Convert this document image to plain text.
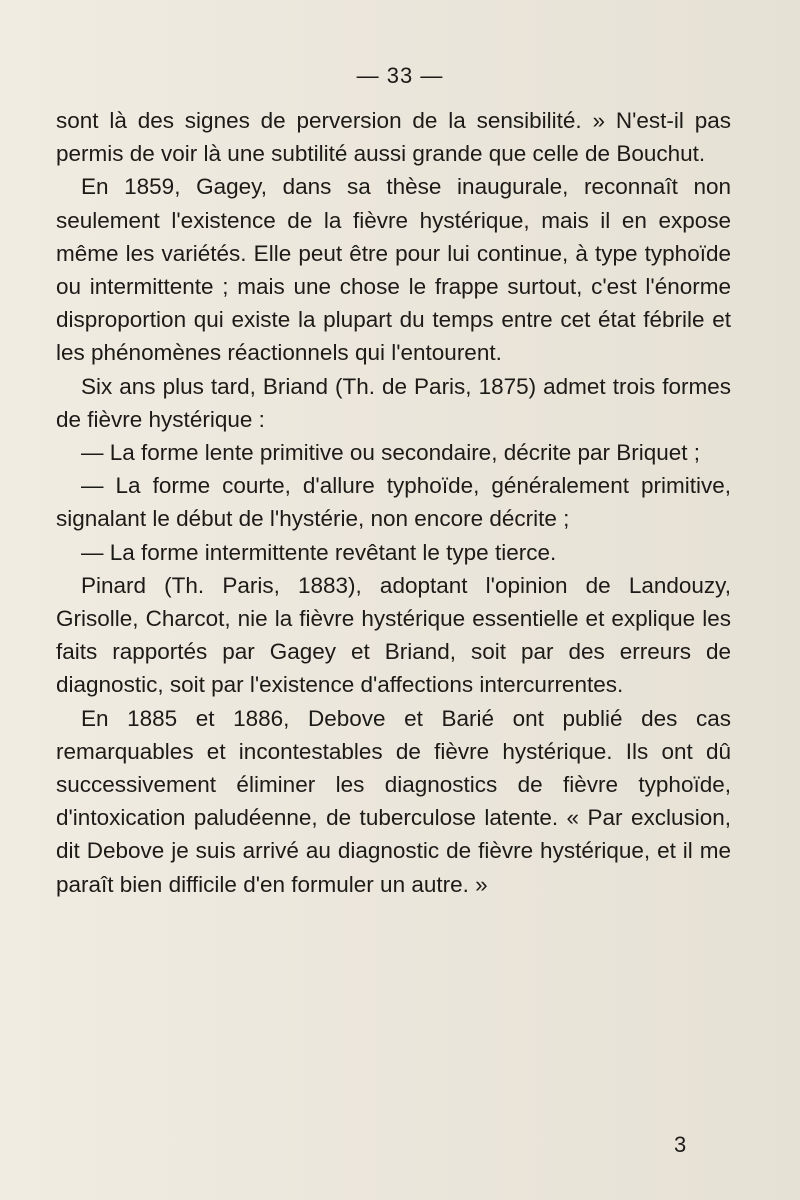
— 33 —

sont là des signes de perversion de la sensibilité. » N'est-il pas permis de voir là une subtilité aussi grande que celle de Bouchut.

En 1859, Gagey, dans sa thèse inaugurale, reconnaît non seulement l'existence de la fièvre hystérique, mais il en expose même les variétés. Elle peut être pour lui continue, à type typhoïde ou intermittente ; mais une chose le frappe surtout, c'est l'énorme disproportion qui existe la plupart du temps entre cet état fébrile et les phénomènes réactionnels qui l'entourent.

Six ans plus tard, Briand (Th. de Paris, 1875) admet trois formes de fièvre hystérique :

— La forme lente primitive ou secondaire, décrite par Briquet ;

— La forme courte, d'allure typhoïde, généralement primitive, signalant le début de l'hystérie, non encore décrite ;

— La forme intermittente revêtant le type tierce.

Pinard (Th. Paris, 1883), adoptant l'opinion de Landouzy, Grisolle, Charcot, nie la fièvre hystérique essentielle et explique les faits rapportés par Gagey et Briand, soit par des erreurs de diagnostic, soit par l'existence d'affections intercurrentes.

En 1885 et 1886, Debove et Barié ont publié des cas remarquables et incontestables de fièvre hystérique. Ils ont dû successivement éliminer les diagnostics de fièvre typhoïde, d'intoxication paludéenne, de tuberculose latente. « Par exclusion, dit Debove je suis arrivé au diagnostic de fièvre hystérique, et il me paraît bien difficile d'en formuler un autre. »

3
